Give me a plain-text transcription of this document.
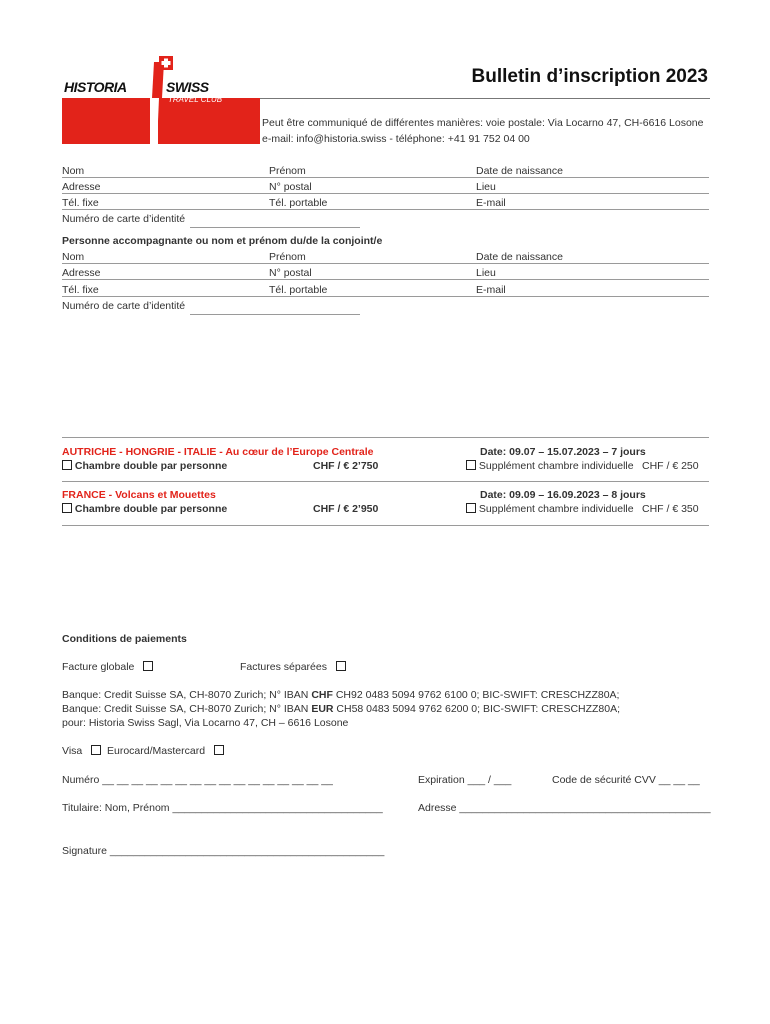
HISTORIA	SWISS
TRAVEL CLUB
Bulletin d’inscription 2023
Peut être communiqué de différentes manières: voie postale: Via Locarno 47, CH-6616 Losone
e-mail: info@historia.swiss - téléphone: +41 91 752 04 00
Nom	Prénom	Date de naissance
Adresse	N° postal	Lieu
Tél. fixe	Tél. portable	E-mail
Numéro de carte d’identité
Personne accompagnante ou nom et prénom du/de la conjoint/e
Nom	Prénom	Date de naissance
Adresse	N° postal	Lieu
Tél. fixe	Tél. portable	E-mail
Numéro de carte d’identité
AUTRICHE - HONGRIE - ITALIE - Au cœur de l’Europe Centrale	Date: 09.07 – 15.07.2023 – 7 jours
Chambre double par personne	CHF / € 2’750	Supplément chambre individuelle CHF / € 250
FRANCE - Volcans et Mouettes	Date: 09.09 – 16.09.2023 – 8 jours
Chambre double par personne	CHF / € 2’950	Supplément chambre individuelle CHF / € 350
Conditions de paiements
Facture globale	Factures séparées
Banque: Credit Suisse SA, CH-8070 Zurich; N° IBAN CHF CH92 0483 5094 9762 6100 0; BIC-SWIFT: CRESCHZZ80A;
Banque: Credit Suisse SA, CH-8070 Zurich; N° IBAN EUR CH58 0483 5094 9762 6200 0; BIC-SWIFT: CRESCHZZ80A;
pour: Historia Swiss Sagl, Via Locarno 47, CH – 6616 Losone
Visa	Eurocard/Mastercard
Numéro __ __ __ __ __ __ __ __ __ __ __ __ __ __ __ __	Expiration ___ / ___	Code de sécurité CVV __ __ __
Titulaire: Nom, Prénom ____________________________________	Adresse ___________________________________________
Signature _______________________________________________
